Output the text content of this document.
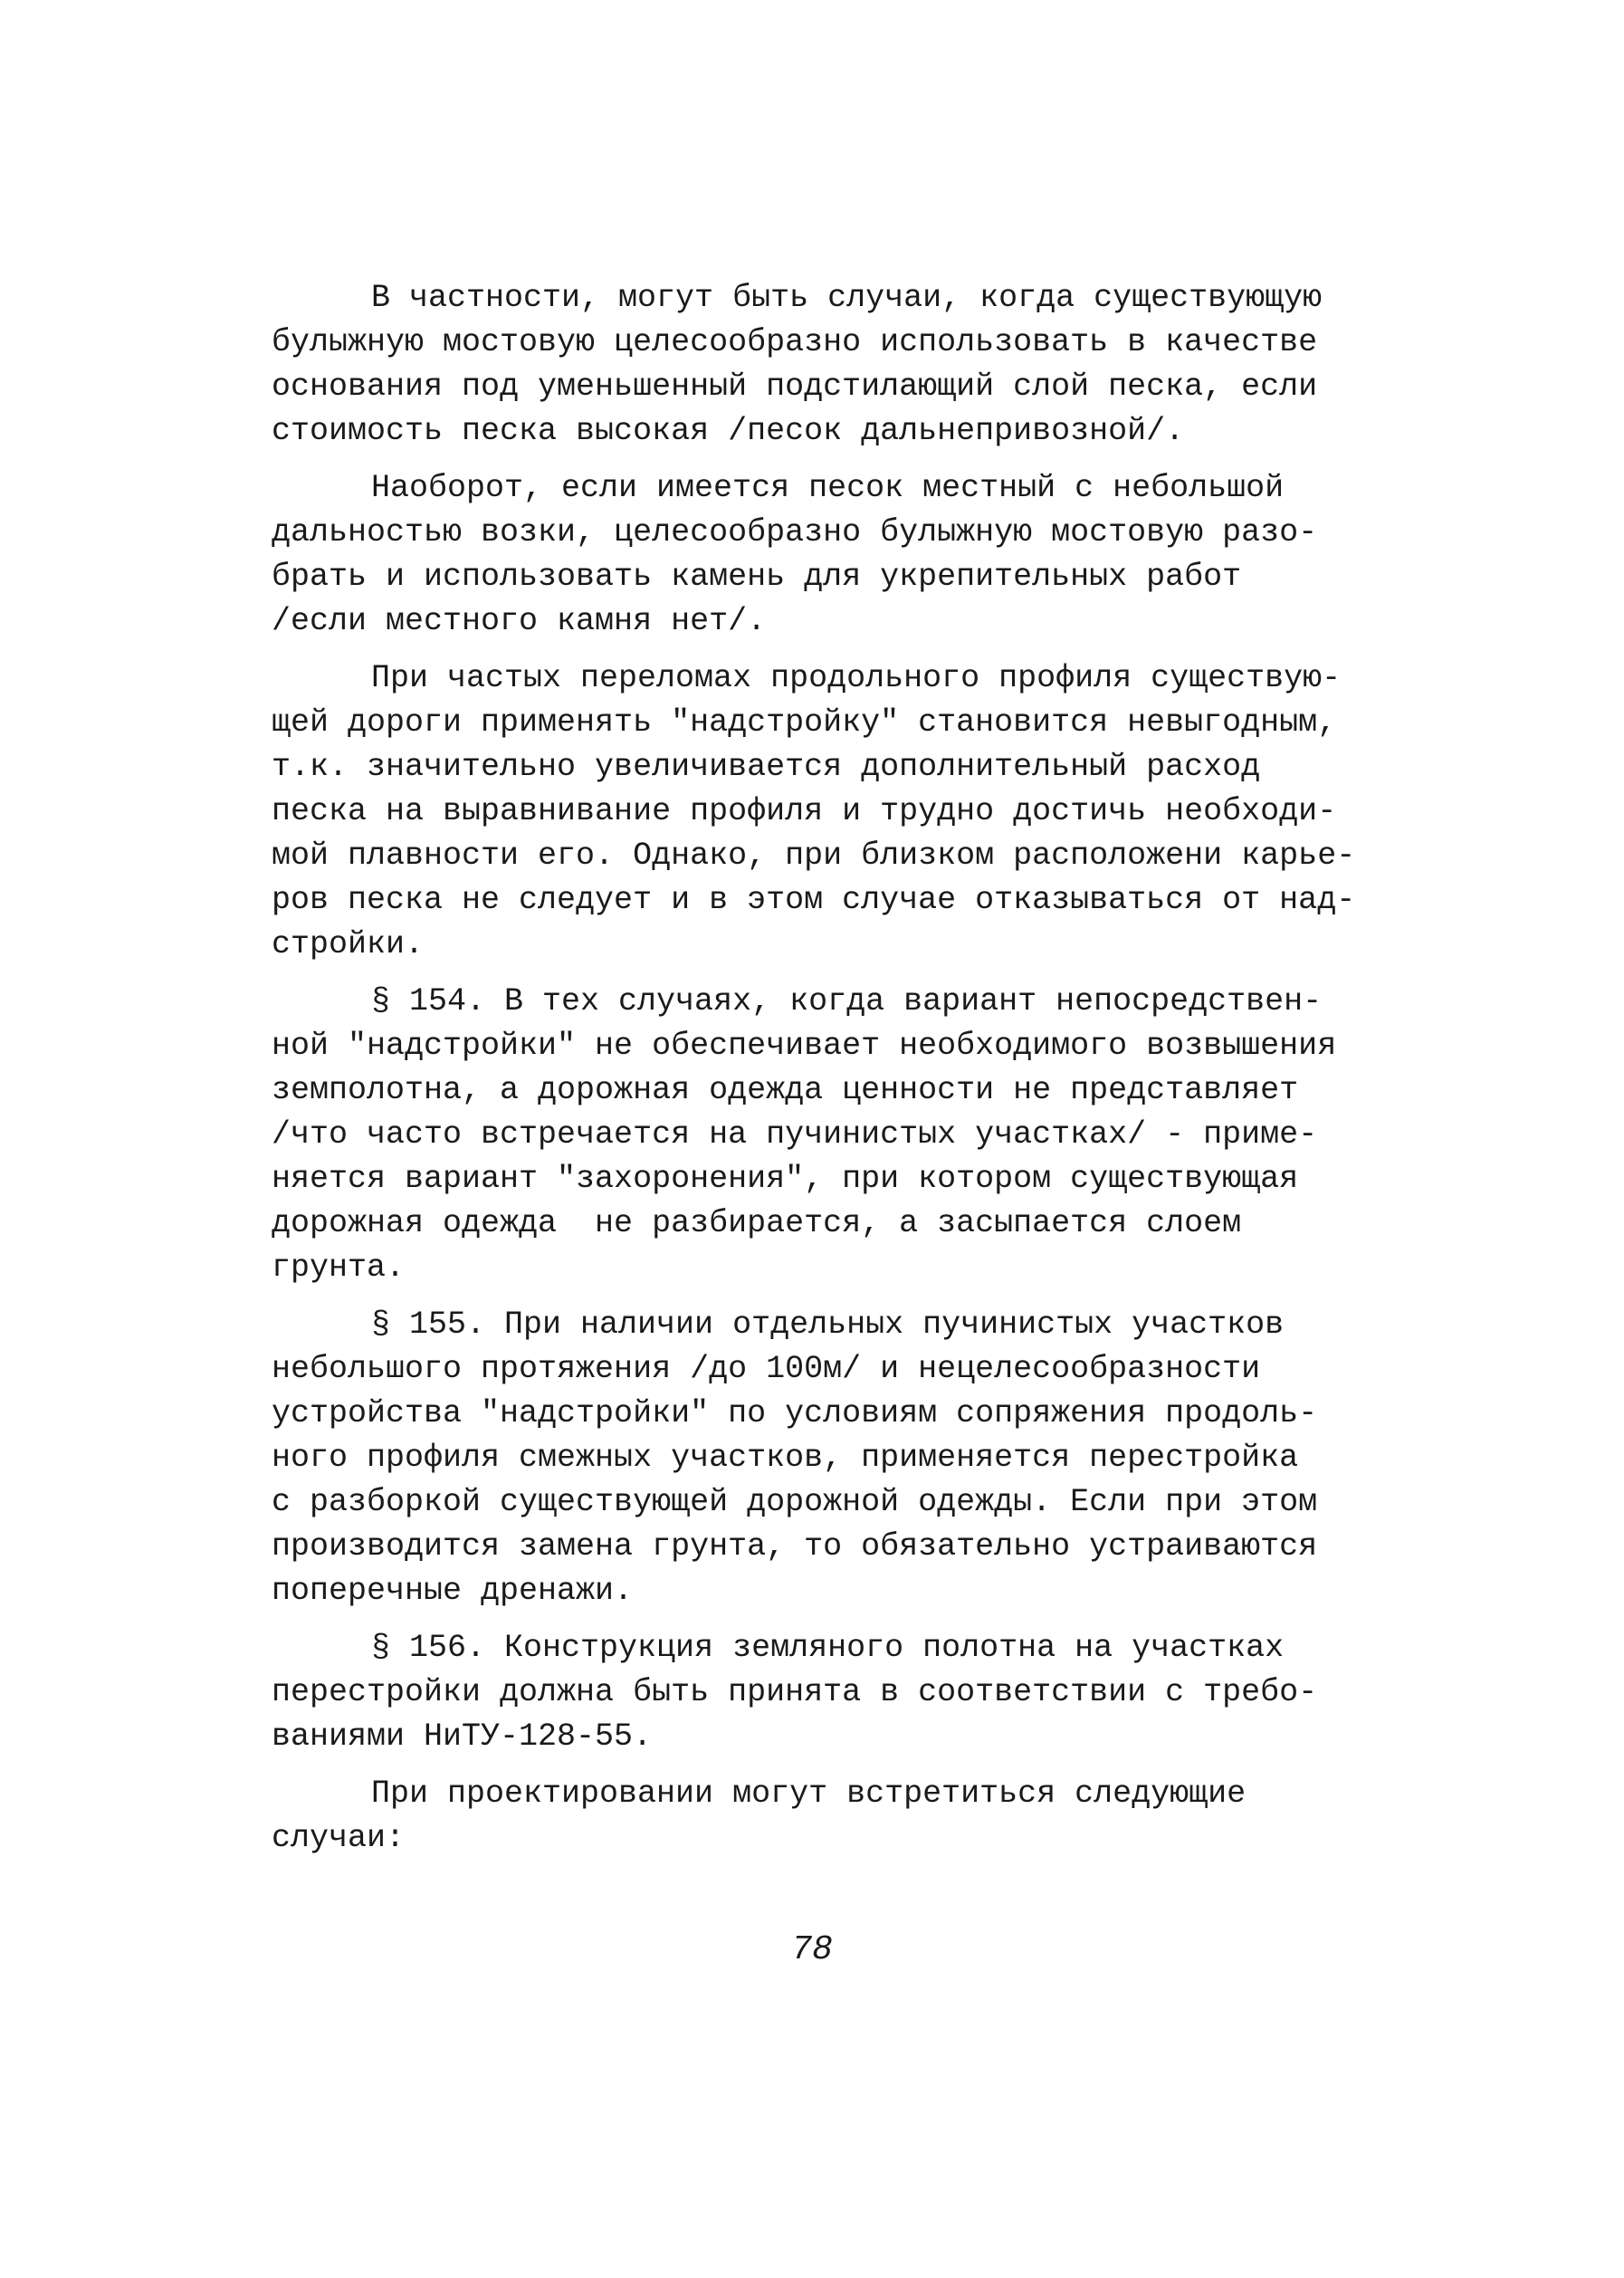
В частности, могут быть случаи, когда существующую
булыжную мостовую целесообразно использовать в качестве
основания под уменьшенный подстилающий слой песка, если
стоимость песка высокая /песок дальнепривозной/.
Наоборот, если имеется песок местный с небольшой
дальностью возки, целесообразно булыжную мостовую разо-
брать и использовать камень для укрепительных работ
/если местного камня нет/.
При частых переломах продольного профиля существую-
щей дороги применять "надстройку" становится невыгодным,
т.к. значительно увеличивается дополнительный расход
песка на выравнивание профиля и трудно достичь необходи-
мой плавности его. Однако, при близком расположени карье-
ров песка не следует и в этом случае отказываться от над-
стройки.
§ 154. В тех случаях, когда вариант непосредствен-
ной "надстройки" не обеспечивает необходимого возвышения
земполотна, а дорожная одежда ценности не представляет
/что часто встречается на пучинистых участках/ - приме-
няется вариант "захоронения", при котором существующая
дорожная одежда  не разбирается, а засыпается слоем
грунта.
§ 155. При наличии отдельных пучинистых участков
небольшого протяжения /до 100м/ и нецелесообразности
устройства "надстройки" по условиям сопряжения продоль-
ного профиля смежных участков, применяется перестройка
с разборкой существующей дорожной одежды. Если при этом
производится замена грунта, то обязательно устраиваются
поперечные дренажи.
§ 156. Конструкция земляного полотна на участках
перестройки должна быть принята в соответствии с требо-
ваниями НиТУ-128-55.
При проектировании могут встретиться следующие
случаи:
78
